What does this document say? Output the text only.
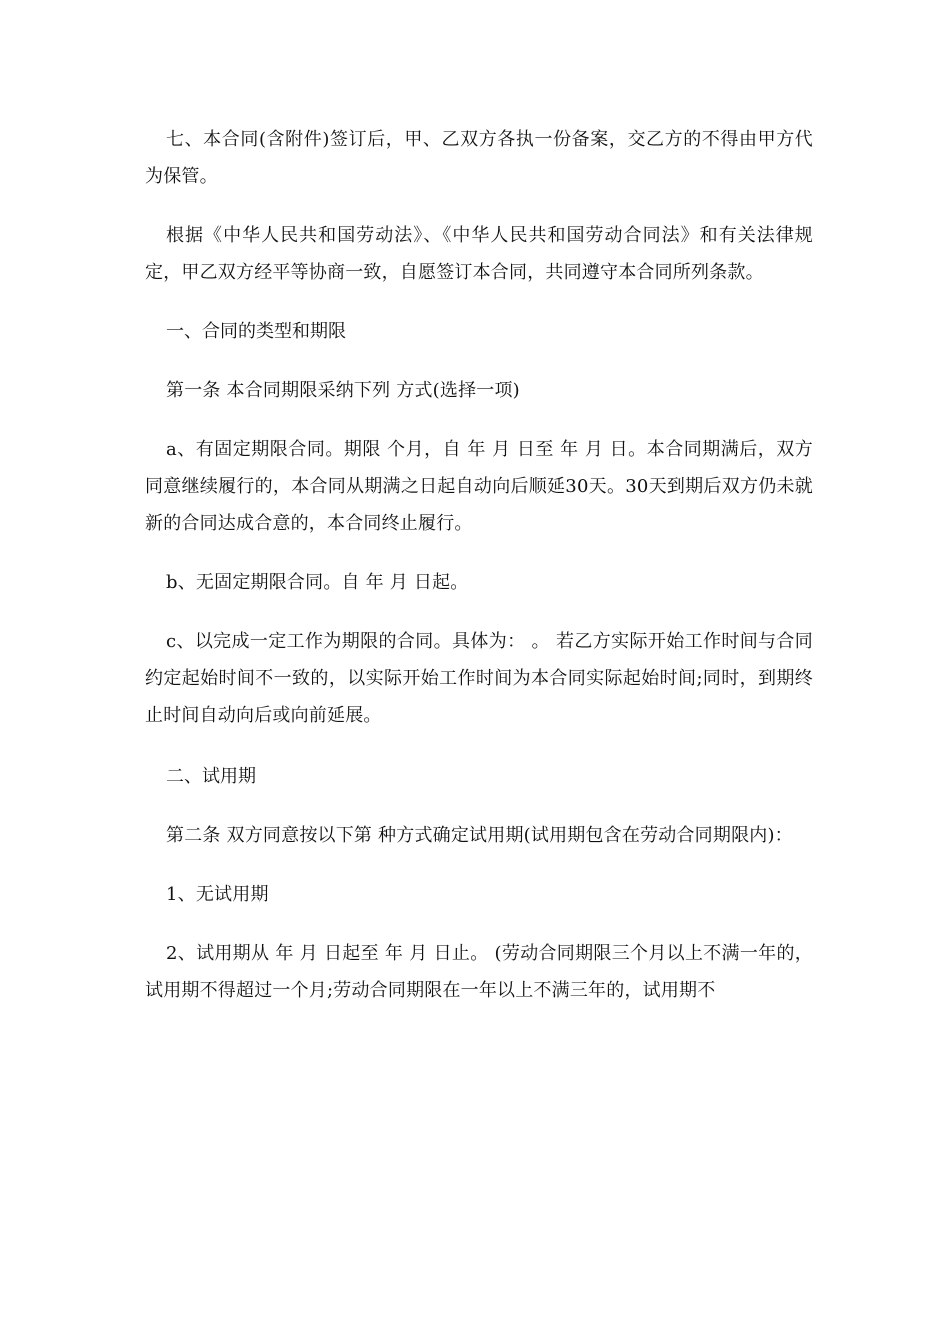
七、本合同(含附件)签订后，甲、乙双方各执一份备案，交乙方的不得由甲方代为保管。

根据《中华人民共和国劳动法》、《中华人民共和国劳动合同法》和有关法律规定，甲乙双方经平等协商一致，自愿签订本合同，共同遵守本合同所列条款。

一、合同的类型和期限

第一条 本合同期限采纳下列 方式(选择一项)

a、有固定期限合同。期限 个月，自 年 月 日至 年 月 日。本合同期满后，双方同意继续履行的，本合同从期满之日起自动向后顺延30天。30天到期后双方仍未就新的合同达成合意的，本合同终止履行。

b、无固定期限合同。自 年 月 日起。

c、以完成一定工作为期限的合同。具体为： 。 若乙方实际开始工作时间与合同约定起始时间不一致的，以实际开始工作时间为本合同实际起始时间;同时，到期终止时间自动向后或向前延展。

二、试用期

第二条 双方同意按以下第 种方式确定试用期(试用期包含在劳动合同期限内)：

1、无试用期

2、试用期从 年 月 日起至 年 月 日止。 (劳动合同期限三个月以上不满一年的，试用期不得超过一个月;劳动合同期限在一年以上不满三年的，试用期不
